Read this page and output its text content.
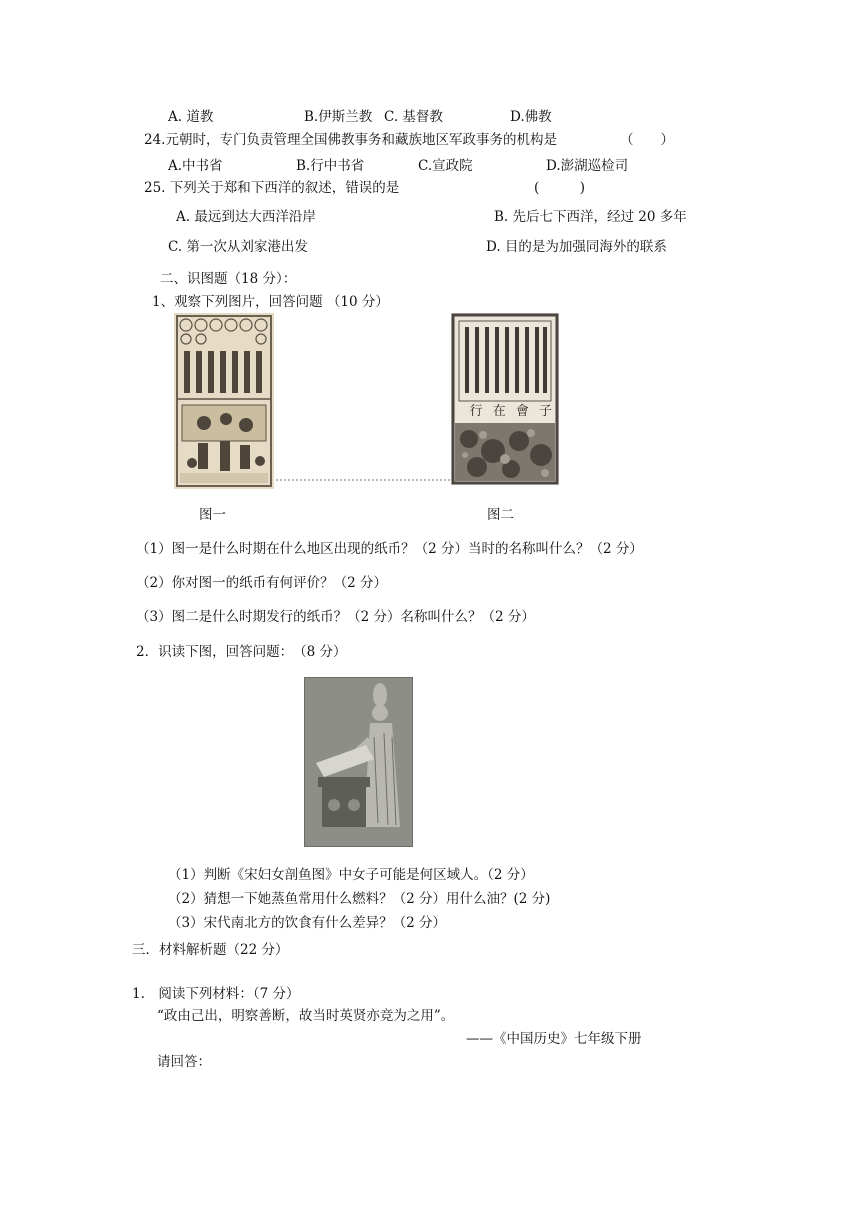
A. 道教	B.伊斯兰教 C. 基督教	D.佛教
24.元朝时，专门负责管理全国佛教事务和藏族地区军政事务的机构是	（　　）
A.中书省	B.行中书省	C.宣政院	D.澎湖巡检司
25. 下列关于郑和下西洋的叙述，错误的是	(　　　)
A. 最远到达大西洋沿岸	B. 先后七下西洋，经过 20 多年
C. 第一次从刘家港出发	D. 目的是为加强同海外的联系
二、识图题（18 分）：
1、观察下列图片，回答问题 （10 分）
行 在 會 子
图一	图二
（1）图一是什么时期在什么地区出现的纸币？（2 分）当时的名称叫什么？（2 分）
（2）你对图一的纸币有何评价？（2 分）
（3）图二是什么时期发行的纸币？（2 分）名称叫什么？（2 分）
2．识读下图，回答问题：　（8 分）
（1）判断《宋妇女剖鱼图》中女子可能是何区域人。（2 分）
（2）猜想一下她蒸鱼常用什么燃料？（2 分）用什么油？(2 分)
（3）宋代南北方的饮食有什么差异？（2 分）
三．材料解析题（22 分）
1.　阅读下列材料：（7 分）
“政由己出，明察善断，故当时英贤亦竞为之用”。
——《中国历史》七年级下册
请回答：
